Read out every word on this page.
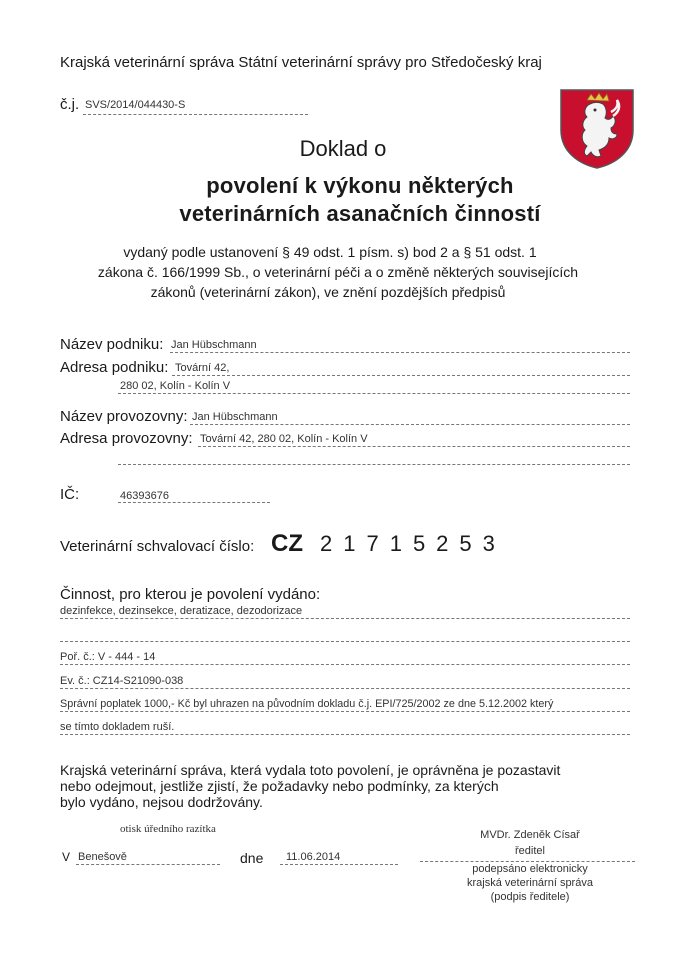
Krajská veterinární správa Státní veterinární správy pro Středočeský kraj
č.j. SVS/2014/044430-S
Doklad o
povolení k výkonu některých
veterinárních asanačních činností
vydaný podle ustanovení § 49 odst. 1 písm. s) bod 2 a § 51 odst. 1
zákona č. 166/1999 Sb., o veterinární péči a o změně některých souvisejících
zákonů (veterinární zákon), ve znění pozdějších předpisů
Název podniku: Jan Hübschmann
Adresa podniku: Tovární 42,
280 02, Kolín - Kolín V
Název provozovny: Jan Hübschmann
Adresa provozovny: Tovární 42, 280 02, Kolín - Kolín V
IČ:	46393676
Veterinární schvalovací číslo: CZ 21715253
Činnost, pro kterou je povolení vydáno:
dezinfekce, dezinsekce, deratizace, dezodorizace
Poř. č.: V - 444 - 14
Ev. č.: CZ14-S21090-038
Správní poplatek 1000,- Kč byl uhrazen na původním dokladu č.j. EPI/725/2002 ze dne 5.12.2002 který
se tímto dokladem ruší.
Krajská veterinární správa, která vydala toto povolení, je oprávněna je pozastavit
nebo odejmout, jestliže zjistí, že požadavky nebo podmínky, za kterých
bylo vydáno, nejsou dodržovány.
otisk úředního razítka
V Benešově	dne 11.06.2014
MVDr. Zdeněk Císař
ředitel
podepsáno elektronicky
krajská veterinární správa
(podpis ředitele)
